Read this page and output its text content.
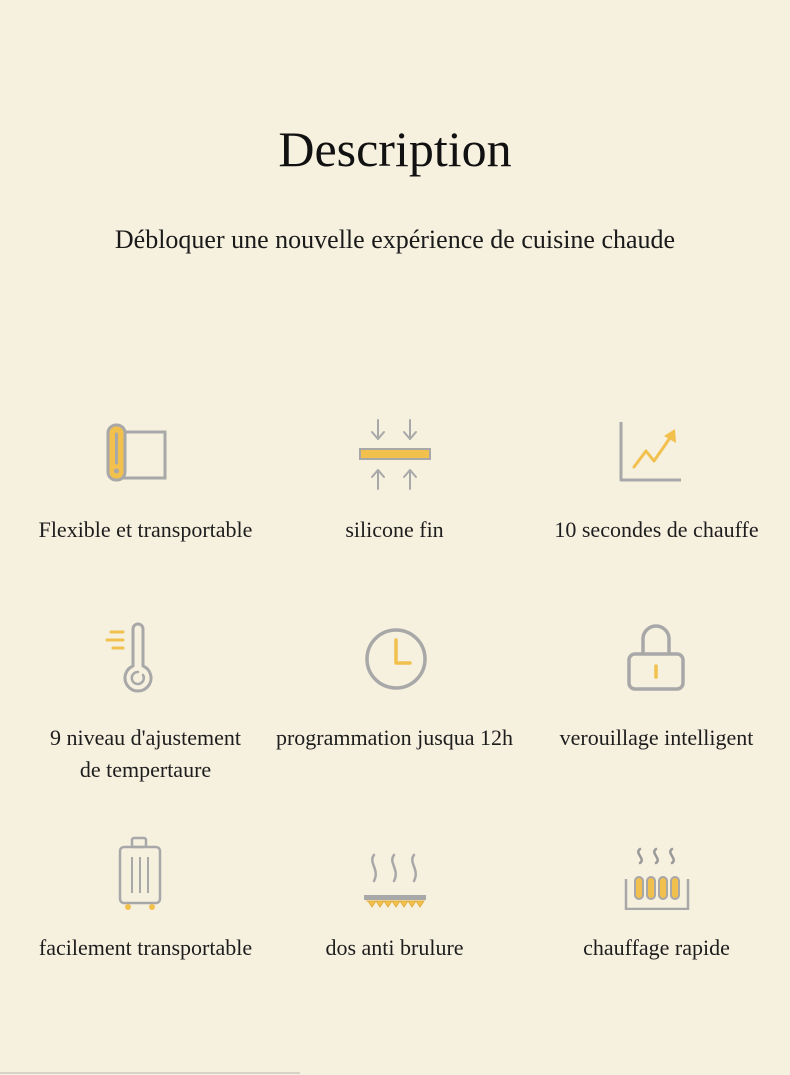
Description
Débloquer une nouvelle expérience de cuisine chaude
Flexible et transportable	silicone fin	10 secondes de chauffe
9 niveau d'ajustement
de tempertaure
programmation jusqua 12h	verouillage intelligent
facilement transportable	dos anti brulure	chauffage rapide
